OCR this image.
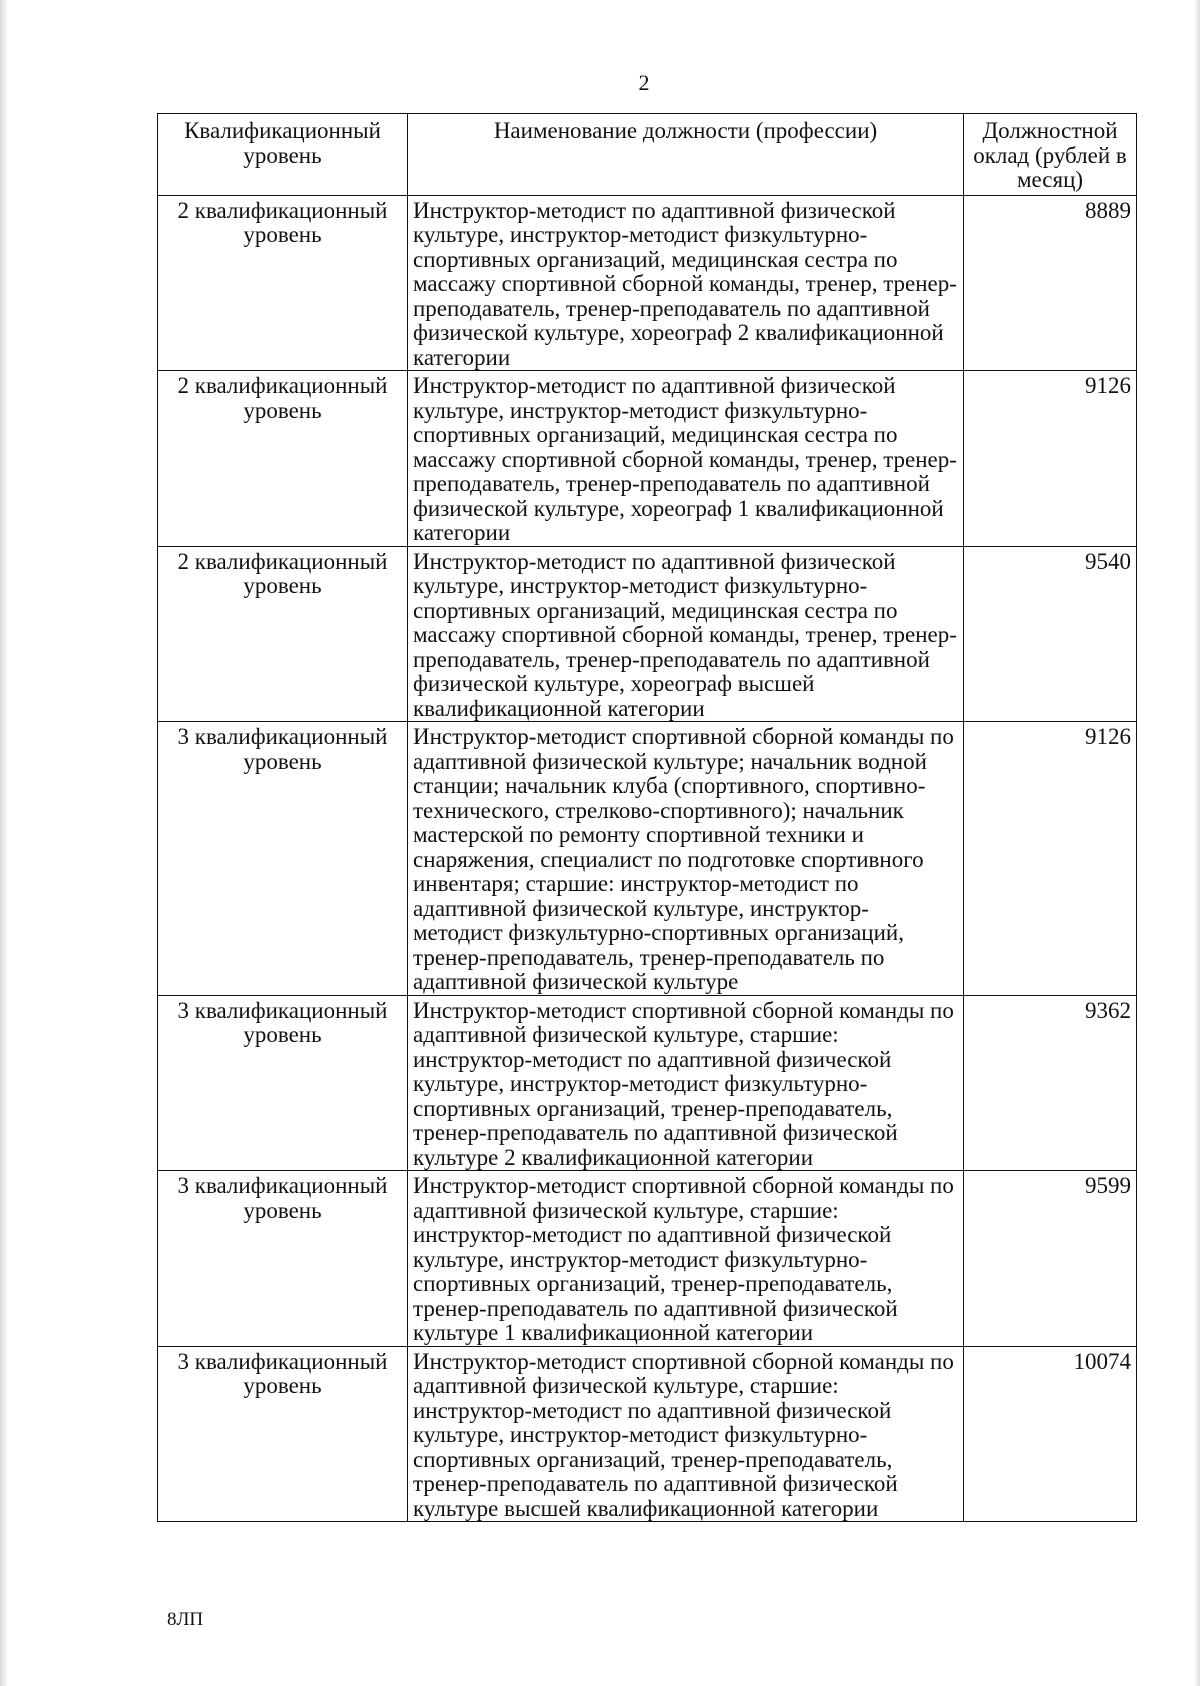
2
Квалификационный уровень	Наименование должности (профессии)	Должностной оклад (рублей в месяц)
2 квалификационный уровень	Инструктор-методист по адаптивной физической культуре, инструктор-методист физкультурно-спортивных организаций, медицинская сестра по массажу спортивной сборной команды, тренер, тренер-преподаватель, тренер-преподаватель по адаптивной физической культуре, хореограф 2 квалификационной категории	8889
2 квалификационный уровень	Инструктор-методист по адаптивной физической культуре, инструктор-методист физкультурно-спортивных организаций, медицинская сестра по массажу спортивной сборной команды, тренер, тренер-преподаватель, тренер-преподаватель по адаптивной физической культуре, хореограф 1 квалификационной категории	9126
2 квалификационный уровень	Инструктор-методист по адаптивной физической культуре, инструктор-методист физкультурно-спортивных организаций, медицинская сестра по массажу спортивной сборной команды, тренер, тренер-преподаватель, тренер-преподаватель по адаптивной физической культуре, хореограф высшей квалификационной категории	9540
3 квалификационный уровень	Инструктор-методист спортивной сборной команды по адаптивной физической культуре; начальник водной станции; начальник клуба (спортивного, спортивно-технического, стрелково-спортивного); начальник мастерской по ремонту спортивной техники и снаряжения, специалист по подготовке спортивного инвентаря; старшие: инструктор-методист по адаптивной физической культуре, инструктор-методист физкультурно-спортивных организаций, тренер-преподаватель, тренер-преподаватель по адаптивной физической культуре	9126
3 квалификационный уровень	Инструктор-методист спортивной сборной команды по адаптивной физической культуре, старшие: инструктор-методист по адаптивной физической культуре, инструктор-методист физкультурно-спортивных организаций, тренер-преподаватель, тренер-преподаватель по адаптивной физической культуре 2 квалификационной категории	9362
3 квалификационный уровень	Инструктор-методист спортивной сборной команды по адаптивной физической культуре, старшие: инструктор-методист по адаптивной физической культуре, инструктор-методист физкультурно-спортивных организаций, тренер-преподаватель, тренер-преподаватель по адаптивной физической культуре 1 квалификационной категории	9599
3 квалификационный уровень	Инструктор-методист спортивной сборной команды по адаптивной физической культуре, старшие: инструктор-методист по адаптивной физической культуре, инструктор-методист физкультурно-спортивных организаций, тренер-преподаватель, тренер-преподаватель по адаптивной физической культуре высшей квалификационной категории	10074
8ЛП
